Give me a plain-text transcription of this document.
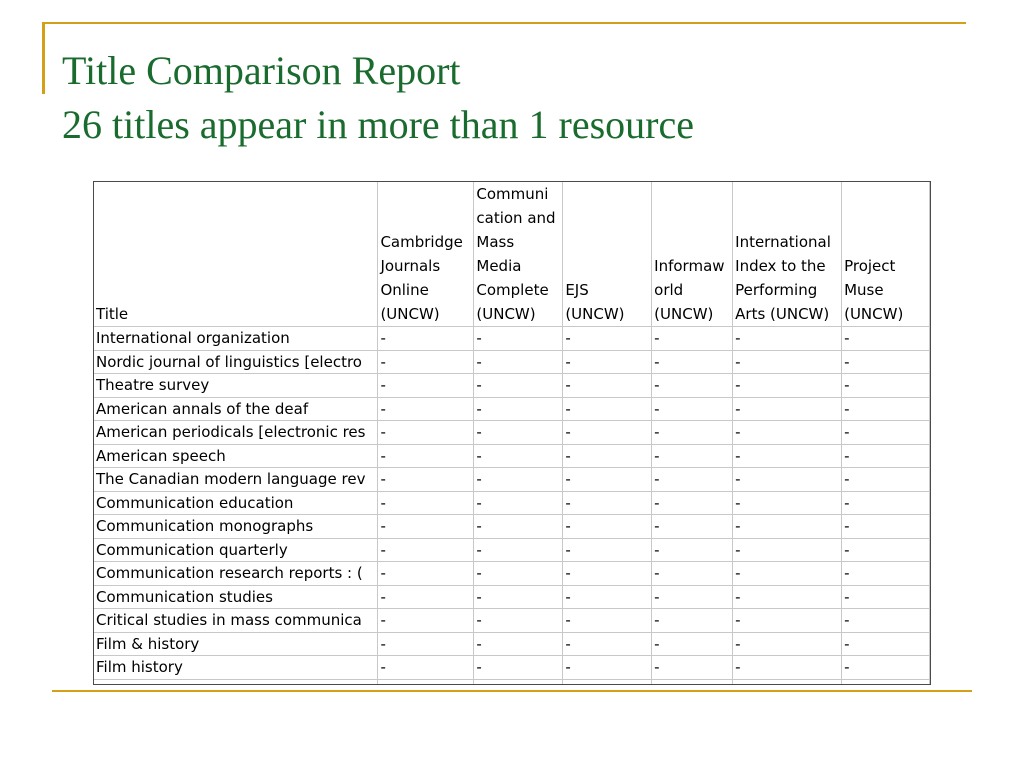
Title Comparison Report
26 titles appear in more than 1 resource
Title	Cambridge Journals Online (UNCW)	Communi cation and Mass Media Complete (UNCW)	EJS (UNCW)	Informaw orld (UNCW)	International Index to the Performing Arts (UNCW)	Project Muse (UNCW)
International organization	-	-	-	-	-	-
Nordic journal of linguistics [electro	-	-	-	-	-	-
Theatre survey	-	-	-	-	-	-
American annals of the deaf	-	-	-	-	-	-
American periodicals [electronic res	-	-	-	-	-	-
American speech	-	-	-	-	-	-
The Canadian modern language rev	-	-	-	-	-	-
Communication education	-	-	-	-	-	-
Communication monographs	-	-	-	-	-	-
Communication quarterly	-	-	-	-	-	-
Communication research reports : (	-	-	-	-	-	-
Communication studies	-	-	-	-	-	-
Critical studies in mass communica	-	-	-	-	-	-
Film & history	-	-	-	-	-	-
Film history	-	-	-	-	-	-
